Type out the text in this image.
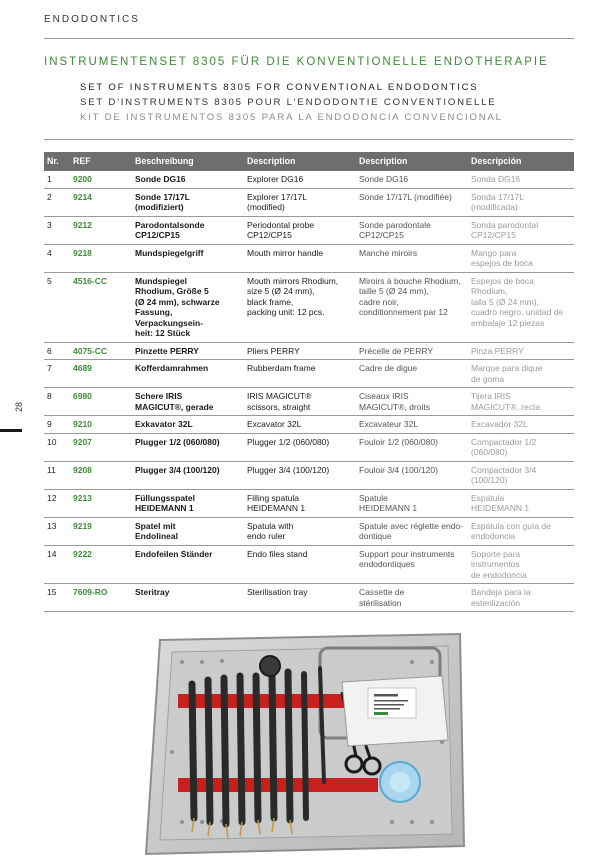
ENDODONTICS
INSTRUMENTENSET 8305 FÜR DIE KONVENTIONELLE ENDOTHERAPIE
SET OF INSTRUMENTS 8305 FOR CONVENTIONAL ENDODONTICS
SET D'INSTRUMENTS 8305 POUR L'ENDODONTIE CONVENTIONELLE
KIT DE INSTRUMENTOS 8305 PARA LA ENDODONCIA CONVENCIONAL
28
Nr.	REF	Beschreibung	Description	Description	Descripción
1	9200	Sonde DG16	Explorer DG16	Sonde DG16	Sonda DG16
2	9214	Sonde 17/17L
(modifiziert)	Explorer 17/17L
(modified)	Sonde 17/17L (modifiée)	Sonda 17/17L
(modificada)
3	9212	Parodontalsonde
CP12/CP15	Periodontal probe
CP12/CP15	Sonde parodontale
CP12/CP15	Sonda parodontal
CP12/CP15
4	9218	Mundspiegelgriff	Mouth mirror handle	Manche miroirs	Mango para
espejos de boca
5	4516-CC	Mundspiegel
Rhodium, Größe 5
(Ø 24 mm), schwarze
Fassung, Verpackungsein-
heit: 12 Stück	Mouth mirrors Rhodium,
size 5 (Ø 24 mm),
black frame,
packing unit: 12 pcs.	Miroirs à bouche Rhodium,
taille 5 (Ø 24 mm),
cadre noir,
conditionnement par 12	Espejos de boca Rhodium,
talla 5 (Ø 24 mm),
cuadro negro, unidad de
embalaje 12 piezas
6	4075-CC	Pinzette PERRY	Pliers PERRY	Précelle de PERRY	Pinza PERRY
7	4689	Kofferdamrahmen	Rubberdam frame	Cadre de digue	Marque para dique
de goma
8	6980	Schere IRIS
MAGICUT®, gerade	IRIS MAGICUT®
scissors, straight	Ciseaux IRIS
MAGICUT®, droits	Tijera IRIS
MAGICUT®, recta
9	9210	Exkavator 32L	Excavator 32L	Excavateur 32L	Excavador 32L
10	9207	Plugger 1/2 (060/080)	Plugger 1/2 (060/080)	Fouloir 1/2 (060/080)	Compactador 1/2
(060/080)
11	9208	Plugger 3/4 (100/120)	Plugger 3/4 (100/120)	Fouloir 3/4 (100/120)	Compactador 3/4
(100/120)
12	9213	Füllungsspatel
HEIDEMANN 1	Filling spatula
HEIDEMANN 1	Spatule
HEIDEMANN 1	Espátula
HEIDEMANN 1
13	9219	Spatel mit
Endolineal	Spatula with
endo ruler	Spatule avec réglette endo-
dontique	Espátula con guía de
endodoncia
14	9222	Endofeilen Ständer	Endo files stand	Support pour instruments
endodontiques	Soporte para instrumentos
de endodoncia
15	7609-RO	Steritray	Sterilisation tray	Cassette de
stérilisation	Bandeja para la
esterilización
